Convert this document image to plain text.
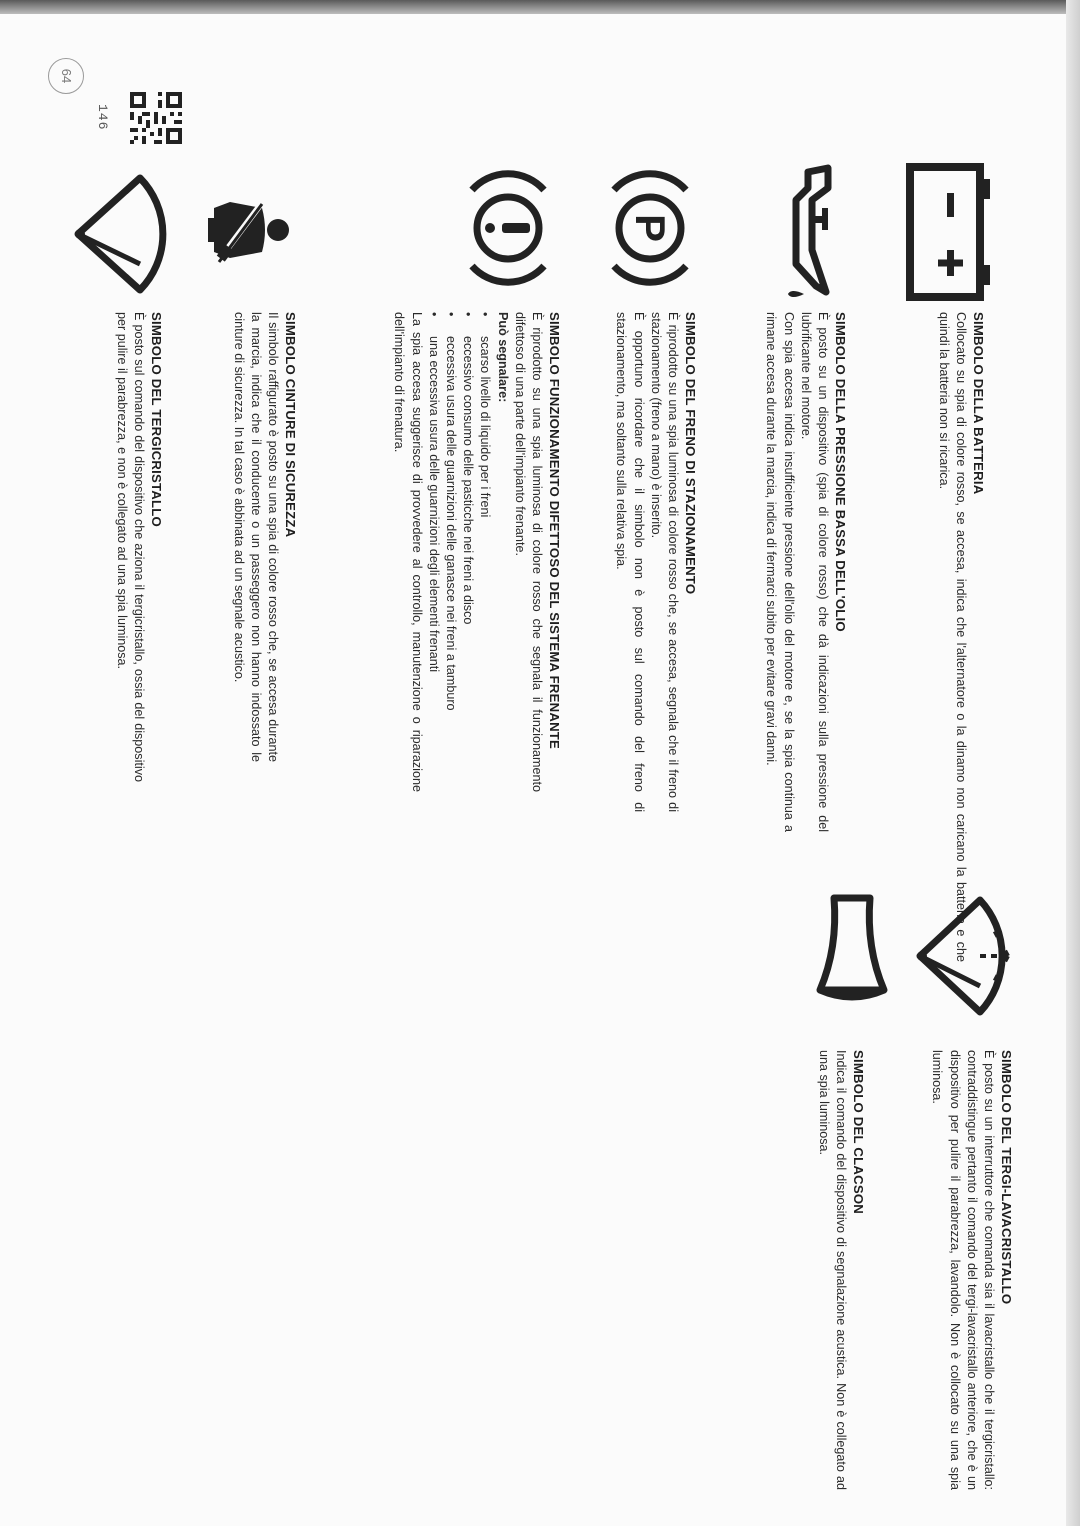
SIMBOLO DELLA BATTERIA

Collocato su spia di colore rosso, se accesa, indica che l'alternatore o la dinamo non caricano la batteria e che quindi la batteria non si ricarica.

SIMBOLO DELLA PRESSIONE BASSA DELL'OLIO

È posto su un dispositivo (spia di colore rosso) che dà indicazioni sulla pressione del lubrificante nel motore.

Con spia accesa indica insufficiente pressione dell'olio del motore e, se la spia continua a rimane accesa durante la marcia, indica di fermarci subito per evitare gravi danni.

P
SIMBOLO DEL FRENO DI STAZIONAMENTO

È riprodotto su una spia luminosa di colore rosso che, se accesa, segnala che il freno di stazionamento (freno a mano) è inserito.

È opportuno ricordare che il simbolo non è posto sul comando del freno di stazionamento, ma soltanto sulla relativa spia.

SIMBOLO FUNZIONAMENTO DIFETTOSO DEL SISTEMA FRENANTE

È riprodotto su una spia luminosa di colore rosso che segnala il funzionamento difettoso di una parte dell'impianto frenante.

Può segnalare:
• scarso livello di liquido per i freni
• eccessivo consumo delle pasticche nei freni a disco
• eccessiva usura delle guarnizioni delle ganasce nei freni a tamburo
• una eccessiva usura delle guarnizioni degli elementi frenanti

La spia accesa suggerisce di provvedere al controllo, manutenzione o riparazione dell'impianto di frenatura.

SIMBOLO CINTURE DI SICUREZZA

Il simbolo raffigurato è posto su una spia di colore rosso che, se accesa durante la marcia, indica che il conducente o un passeggero non hanno indossato le cinture di sicurezza. In tal caso è abbinata ad un segnale acustico.

SIMBOLO DEL TERGICRISTALLO

È posto sul comando del dispositivo che aziona il tergicristallo, ossia del dispositivo per pulire il parabrezza, e non è collegato ad una spia luminosa.

SIMBOLO DEL TERGI-LAVACRISTALLO

È posto su un interruttore che comanda sia il lavacristallo che il tergicristallo: contraddistingue pertanto il comando del tergi-lavacristallo anteriore, che è un dispositivo per pulire il parabrezza, lavandolo. Non è collocato su una spia luminosa.

SIMBOLO DEL CLACSON

Indica il comando del dispositivo di segnalazione acustica. Non è collegato ad una spia luminosa.

64
146
